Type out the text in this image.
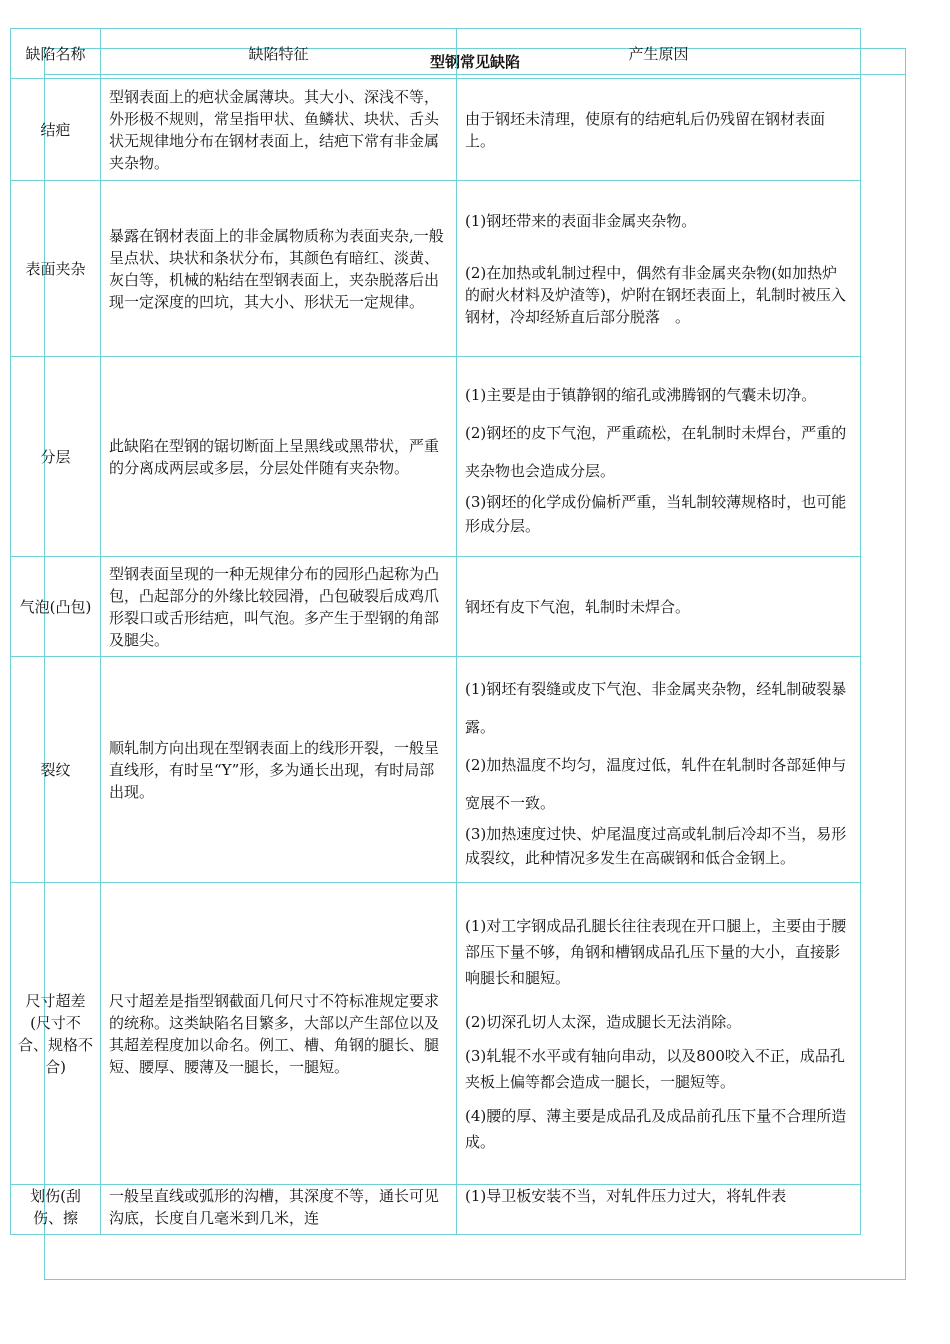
型钢常见缺陷
缺陷名称	缺陷特征	产生原因
结疤	型钢表面上的疤状金属薄块。其大小、深浅不等，外形极不规则，常呈指甲状、鱼鳞状、块状、舌头状无规律地分布在钢材表面上，结疤下常有非金属夹杂物。	由于钢坯未清理，使原有的结疤轧后仍残留在钢材表面上。

表面夹杂	暴露在钢材表面上的非金属物质称为表面夹杂,一般呈点状、块状和条状分布，其颜色有暗红、淡黄、灰白等，机械的粘结在型钢表面上，夹杂脱落后出现一定深度的凹坑，其大小、形状无一定规律。	(1)钢坯带来的表面非金属夹杂物。

(2)在加热或轧制过程中，偶然有非金属夹杂物(如加热炉的耐火材料及炉渣等)，炉附在钢坯表面上，轧制时被压入钢材，冷却经矫直后部分脱落　。

分层	此缺陷在型钢的锯切断面上呈黑线或黑带状，严重的分离成两层或多层，分层处伴随有夹杂物。	(1)主要是由于镇静钢的缩孔或沸腾钢的气囊未切净。

(2)钢坯的皮下气泡，严重疏松，在轧制时未焊台，严重的夹杂物也会造成分层。

(3)钢坯的化学成份偏析严重，当轧制较薄规格时，也可能形成分层。

气泡(凸包)	型钢表面呈现的一种无规律分布的园形凸起称为凸包，凸起部分的外缘比较园滑，凸包破裂后成鸡爪形裂口或舌形结疤，叫气泡。多产生于型钢的角部及腿尖。	钢坯有皮下气泡，轧制时未焊合。

裂纹	顺轧制方向出现在型钢表面上的线形开裂，一般呈直线形，有时呈“Y”形，多为通长出现，有时局部出现。	(1)钢坯有裂缝或皮下气泡、非金属夹杂物，经轧制破裂暴露。

(2)加热温度不均匀，温度过低，轧件在轧制时各部延伸与宽展不一致。

(3)加热速度过快、炉尾温度过高或轧制后冷却不当，易形成裂纹，此种情况多发生在高碳钢和低合金钢上。

尺寸超差(尺寸不合、规格不合)	尺寸超差是指型钢截面几何尺寸不符标准规定要求的统称。这类缺陷名目繁多，大部以产生部位以及其超差程度加以命名。例工、槽、角钢的腿长、腿短、腰厚、腰薄及一腿长，一腿短。	(1)对工字钢成品孔腿长往往表现在开口腿上，主要由于腰部压下量不够，角钢和槽钢成品孔压下量的大小，直接影响腿长和腿短。

(2)切深孔切人太深，造成腿长无法消除。

(3)轧辊不水平或有轴向串动，以及800咬入不正，成品孔夹板上偏等都会造成一腿长，一腿短等。

(4)腰的厚、薄主要是成品孔及成品前孔压下量不合理所造成。

划伤(刮伤、擦	一般呈直线或弧形的沟槽，其深度不等，通长可见沟底，长度自几毫米到几米，连	(1)导卫板安装不当，对轧件压力过大，将轧件表
